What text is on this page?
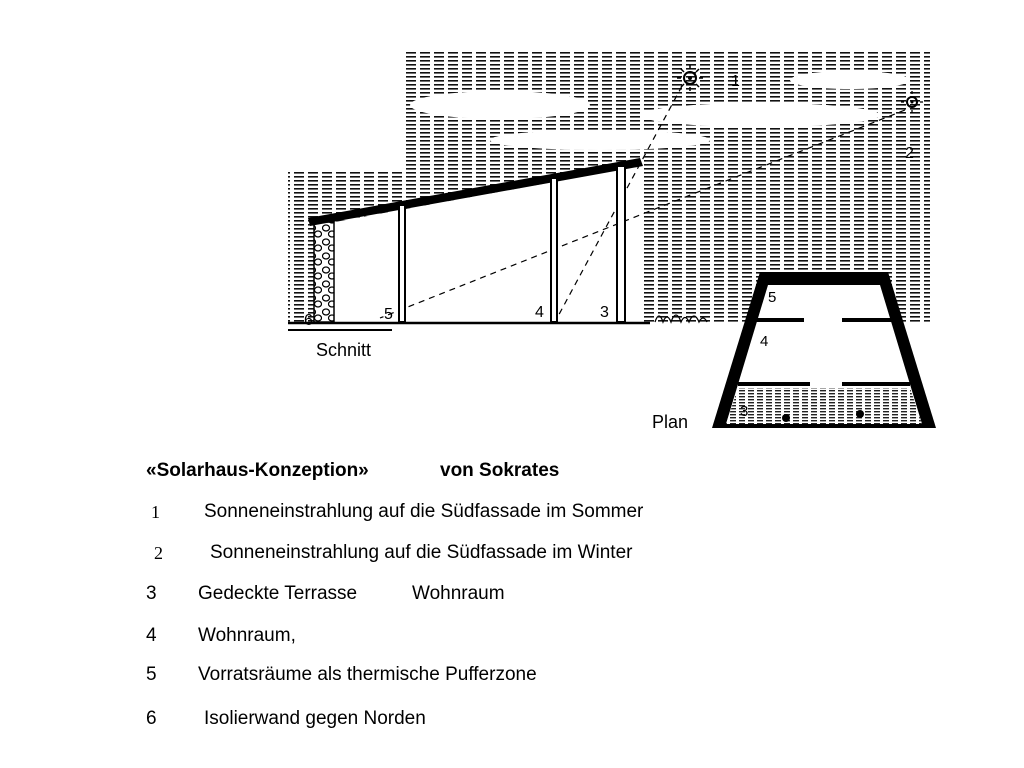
1
2
3
4
5
6
Schnitt
5
4
3
Plan
«Solarhaus-Konzeption»	von Sokrates
1 Sonneneinstrahlung auf die Südfassade im Sommer
2 Sonneneinstrahlung auf die Südfassade im Winter
3 Gedeckte Terrasse	Wohnraum
4 Wohnraum,
5 Vorratsräume als thermische Pufferzone
6 Isolierwand gegen Norden
